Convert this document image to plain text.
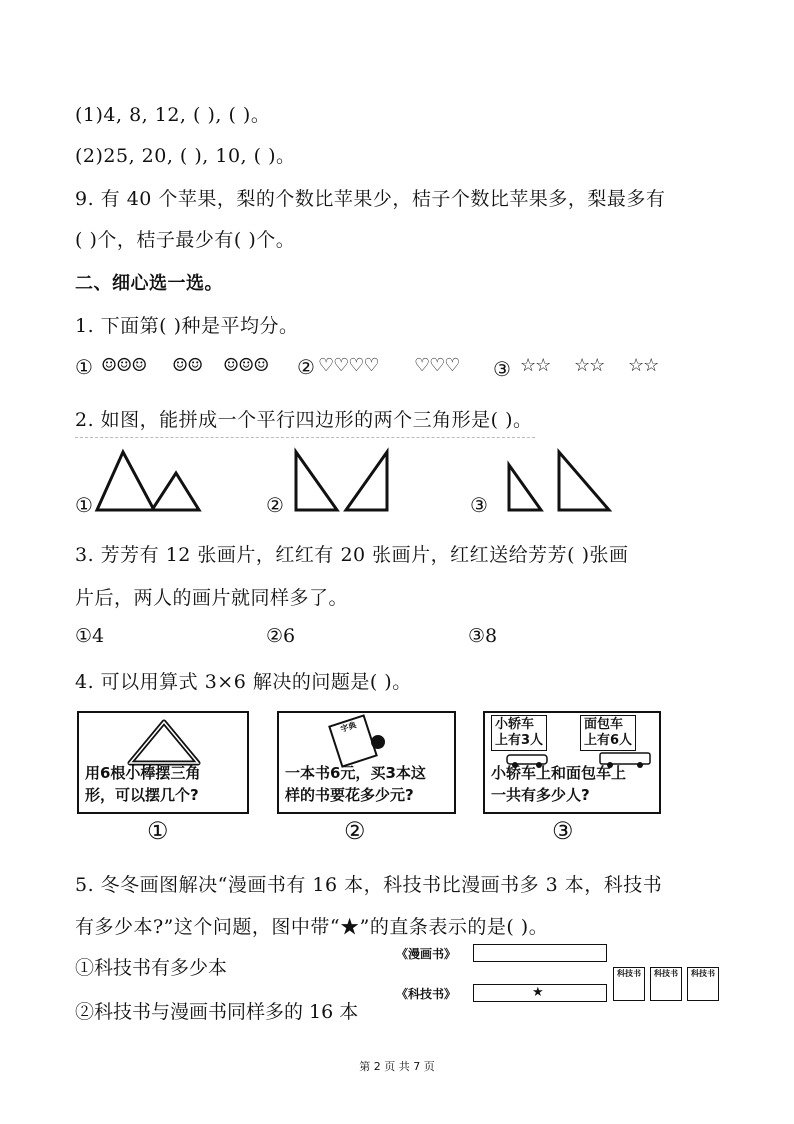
(1)4, 8, 12, ( ), ( )。
(2)25, 20, ( ), 10, ( )。
9. 有 40 个苹果，梨的个数比苹果少，桔子个数比苹果多，梨最多有
( )个，桔子最少有( )个。
二、细心选一选。
1. 下面第( )种是平均分。
① ☺☺☺ ☺☺ ☺☺☺ ② ♡♡♡♡ ♡♡♡ ③ ☆☆ ☆☆ ☆☆
2. 如图，能拼成一个平行四边形的两个三角形是( )。
①	②	③
3. 芳芳有 12 张画片，红红有 20 张画片，红红送给芳芳( )张画
片后，两人的画片就同样多了。
①4	②6	③8
4. 可以用算式 3×6 解决的问题是( )。
用6根小棒摆三角
形，可以摆几个?
字典
一本书6元，买3本这
样的书要花多少元?
小轿车
上有3人
面包车
上有6人
小轿车上和面包车上
一共有多少人?
①	②	③
5. 冬冬画图解决“漫画书有 16 本，科技书比漫画书多 3 本，科技书
有多少本?”这个问题，图中带“★”的直条表示的是( )。
①科技书有多少本
②科技书与漫画书同样多的 16 本
《漫画书》
《科技书》	★
科技书	科技书	科技书
第 2 页 共 7 页
